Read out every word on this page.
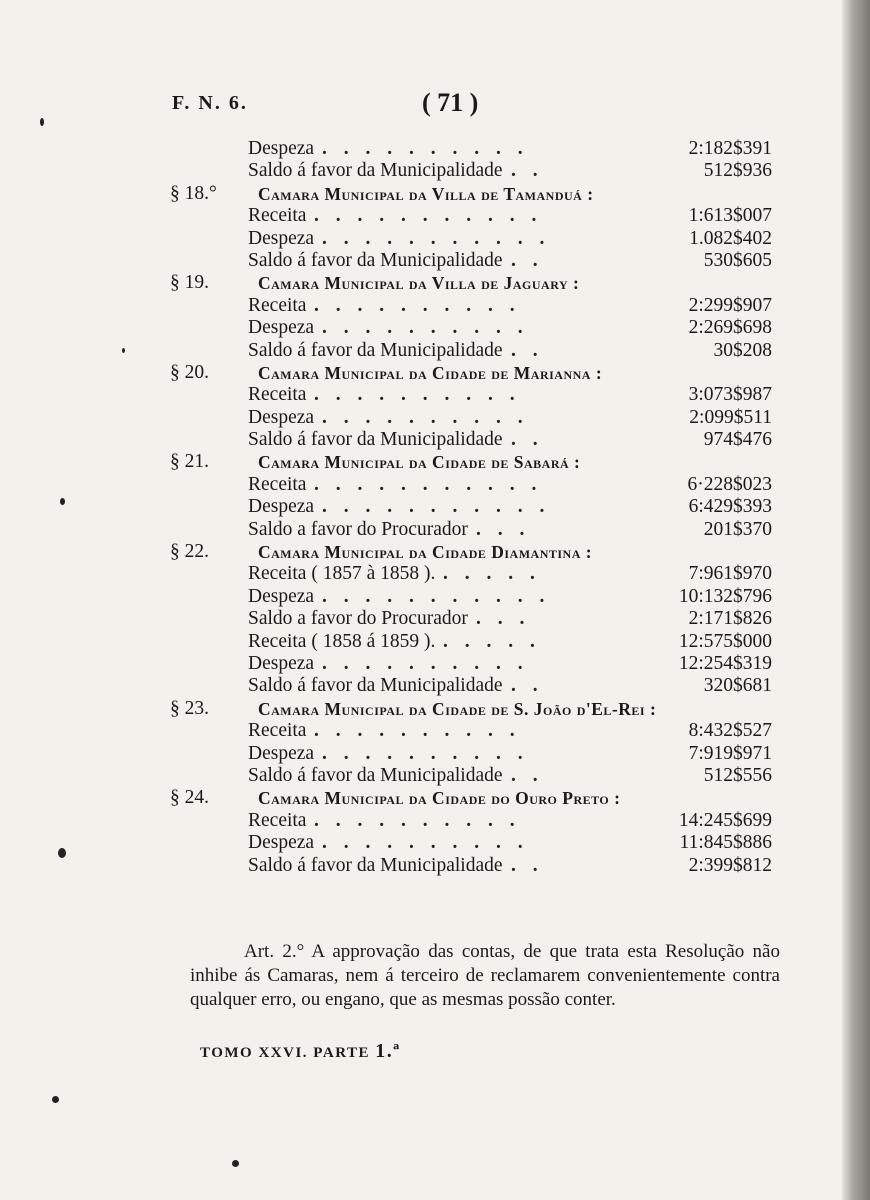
F. N. 6.	( 71 )
Despeza . . . . . . . . . .	2:182$391
Saldo á favor da Municipalidade . .	512$936
§ 18.° Camara Municipal da Villa de Tamanduá :
Receita . . . . . . . . . . .	1:613$007
Despeza . . . . . . . . . . .	1.082$402
Saldo á favor da Municipalidade . .	530$605
§ 19.	Camara Municipal da Villa de Jaguary :
Receita . . . . . . . . . .	2:299$907
Despeza . . . . . . . . . .	2:269$698
Saldo á favor da Municipalidade . .	30$208
§ 20.	Camara Municipal da Cidade de Marianna :
Receita . . . . . . . . . .	3:073$987
Despeza . . . . . . . . . .	2:099$511
Saldo á favor da Municipalidade . .	974$476
§ 21.	Camara Municipal da Cidade de Sabará :
Receita . . . . . . . . . . .	6·228$023
Despeza . . . . . . . . . . .	6:429$393
Saldo a favor do Procurador . . .	201$370
§ 22.	Camara Municipal da Cidade Diamantina :
Receita ( 1857 à 1858 ). . . . . .	7:961$970
Despeza . . . . . . . . . . .	10:132$796
Saldo a favor do Procurador . . .	2:171$826
Receita ( 1858 á 1859 ). . . . . .	12:575$000
Despeza . . . . . . . . . .	12:254$319
Saldo á favor da Municipalidade . .	320$681
§ 23.	Camara Municipal da Cidade de S. João d'El-Rei :
Receita . . . . . . . . . .	8:432$527
Despeza . . . . . . . . . .	7:919$971
Saldo á favor da Municipalidade . .	512$556
§ 24.	Camara Municipal da Cidade do Ouro Preto :
Receita . . . . . . . . . .	14:245$699
Despeza . . . . . . . . . .	11:845$886
Saldo á favor da Municipalidade . .	2:399$812

Art. 2.° A approvação das contas, de que trata esta Resolução não inhibe ás Camaras, nem á terceiro de reclamarem convenientemente contra qualquer erro, ou engano, que as mesmas possão conter.

TOMO XXVI. PARTE 1.ª
